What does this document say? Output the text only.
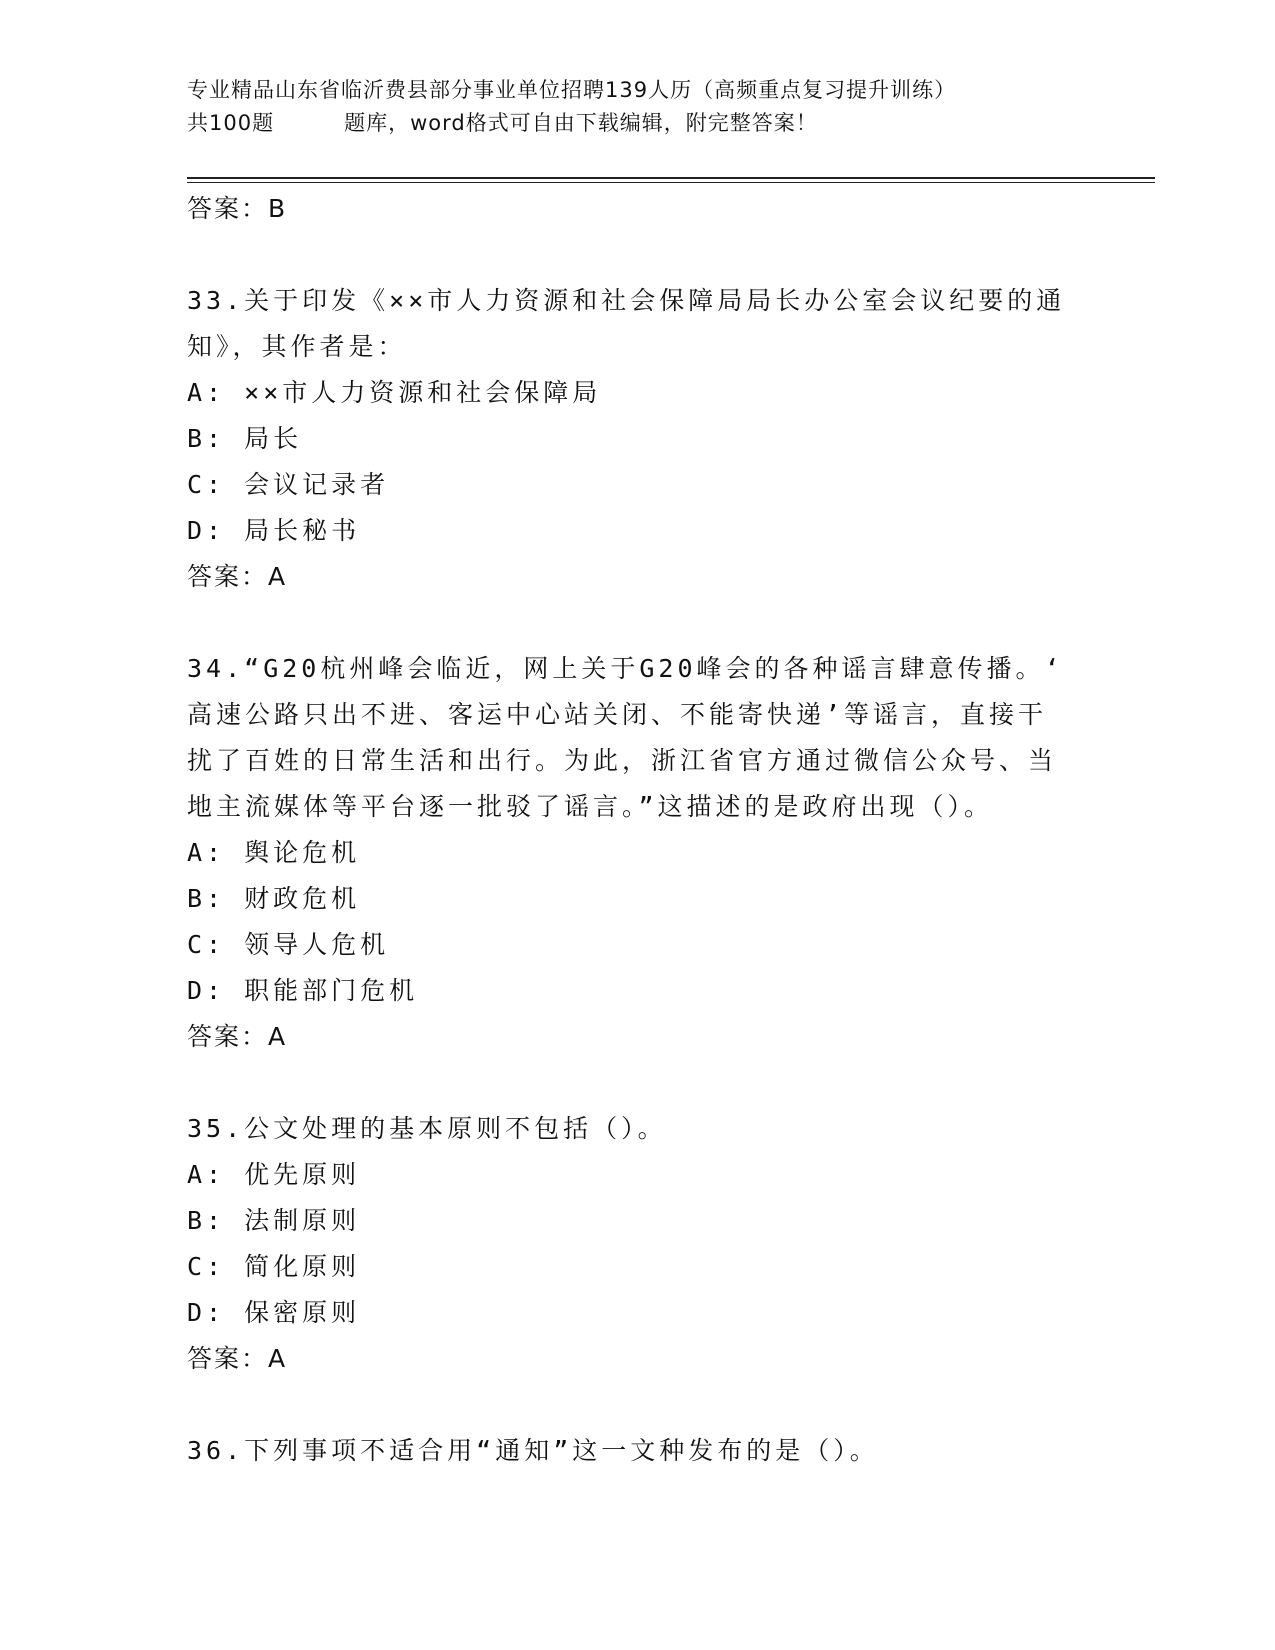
专业精品山东省临沂费县部分事业单位招聘139人历（高频重点复习提升训练）
共100题	题库，word格式可自由下载编辑，附完整答案！
答案：B
33.关于印发《××市人力资源和社会保障局局长办公室会议纪要的通
知》，其作者是：
A: ××市人力资源和社会保障局
B: 局长
C: 会议记录者
D: 局长秘书
答案：A
34.“G20杭州峰会临近，网上关于G20峰会的各种谣言肆意传播。‘
高速公路只出不进、客运中心站关闭、不能寄快递’等谣言，直接干
扰了百姓的日常生活和出行。为此，浙江省官方通过微信公众号、当
地主流媒体等平台逐一批驳了谣言。”这描述的是政府出现（）。
A: 舆论危机
B: 财政危机
C: 领导人危机
D: 职能部门危机
答案：A
35.公文处理的基本原则不包括（）。
A: 优先原则
B: 法制原则
C: 简化原则
D: 保密原则
答案：A
36.下列事项不适合用“通知”这一文种发布的是（）。
